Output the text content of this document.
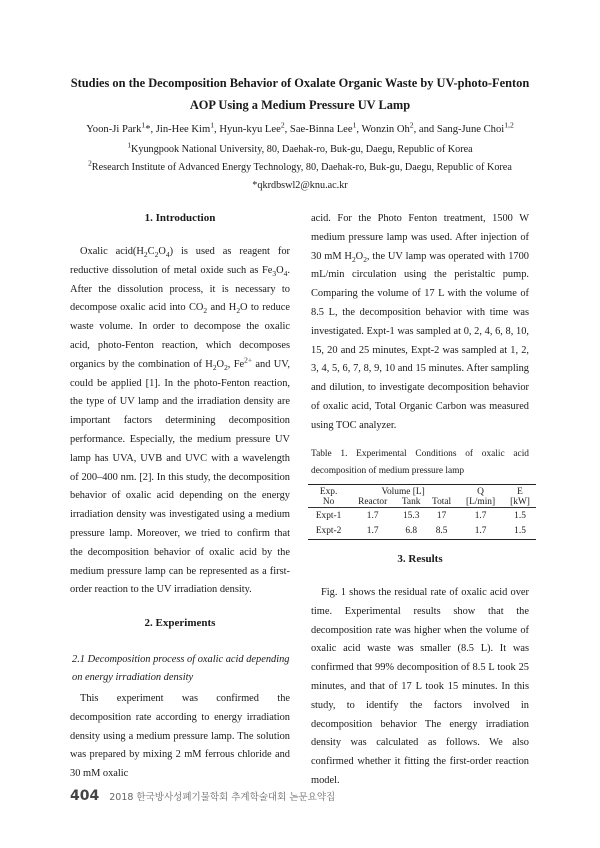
Studies on the Decomposition Behavior of Oxalate Organic Waste by UV-photo-Fenton
AOP Using a Medium Pressure UV Lamp
Yoon-Ji Park$^1$*, Jin-Hee Kim$^1$, Hyun-kyu Lee$^2$, Sae-Binna Lee$^1$, Wonzin Oh$^2$, and Sang-June Choi$^{1,2}$
$^1$Kyungpook National University, 80, Daehak-ro, Buk-gu, Daegu, Republic of Korea
$^2$Research Institute of Advanced Energy Technology, 80, Daehak-ro, Buk-gu, Daegu, Republic of Korea
*qkrdbswl2@knu.ac.kr
1. Introduction

Oxalic $acid(H_2C_2O_4)$ is used as reagent for reductive dissolution of metal oxide such as $Fe_3O_4$. After the dissolution process, it is necessary to decompose oxalic acid into $CO_2$ and $H_2O$ to reduce waste volume. In order to decompose the oxalic acid, photo-Fenton reaction, which decomposes organics by the combination of $H_2O_2$, $Fe^{2+}$ and UV, could be applied [1]. In the photo-Fenton reaction, the type of UV lamp and the irradiation density are important factors determining decomposition performance. Especially, the medium pressure UV lamp has UVA, UVB and UVC with a wavelength of 200–400 nm. [2]. In this study, the decomposition behavior of oxalic acid depending on the energy irradiation density was investigated using a medium pressure lamp. Moreover, we tried to confirm that the decomposition behavior of oxalic acid by the medium pressure lamp can be represented as a first-order reaction to the UV irradiation density.

2. Experiments
2.1 Decomposition process of oxalic acid depending on energy irradiation density

This experiment was confirmed the decomposition rate according to energy irradiation density using a medium pressure lamp. The solution was prepared by mixing 2 mM ferrous chloride and 30 mM oxalic

acid. For the Photo Fenton treatment, 1500 W medium pressure lamp was used. After injection of 30 mM $H_2O_2$, the UV lamp was operated with 1700 mL/min circulation using the peristaltic pump. Comparing the volume of 17 L with the volume of 8.5 L, the decomposition behavior with time was investigated. Expt-1 was sampled at 0, 2, 4, 6, 8, 10, 15, 20 and 25 minutes, Expt-2 was sampled at 1, 2, 3, 4, 5, 6, 7, 8, 9, 10 and 15 minutes. After sampling and dilution, to investigate decomposition behavior of oxalic acid, Total Organic Carbon was measured using TOC analyzer.

Table 1. Experimental Conditions of oxalic acid decomposition of medium pressure lamp
Exp.	Volume [L]			Q	E
No	Reactor	Tank	Total	[L/min]	[kW]
Expt-1	1.7	15.3	17	1.7	1.5
Expt-2	1.7	6.8	8.5	1.7	1.5
3. Results

Fig. 1 shows the residual rate of oxalic acid over time. Experimental results show that the decomposition rate was higher when the volume of oxalic acid waste was smaller (8.5 L). It was confirmed that 99% decomposition of 8.5 L took 25 minutes, and that of 17 L took 15 minutes. In this study, to identify the factors involved in decomposition behavior The energy irradiation density was calculated as follows. We also confirmed whether it fitting the first-order reaction model.

404 2018 한국방사성폐기물학회 추계학술대회 논문요약집
